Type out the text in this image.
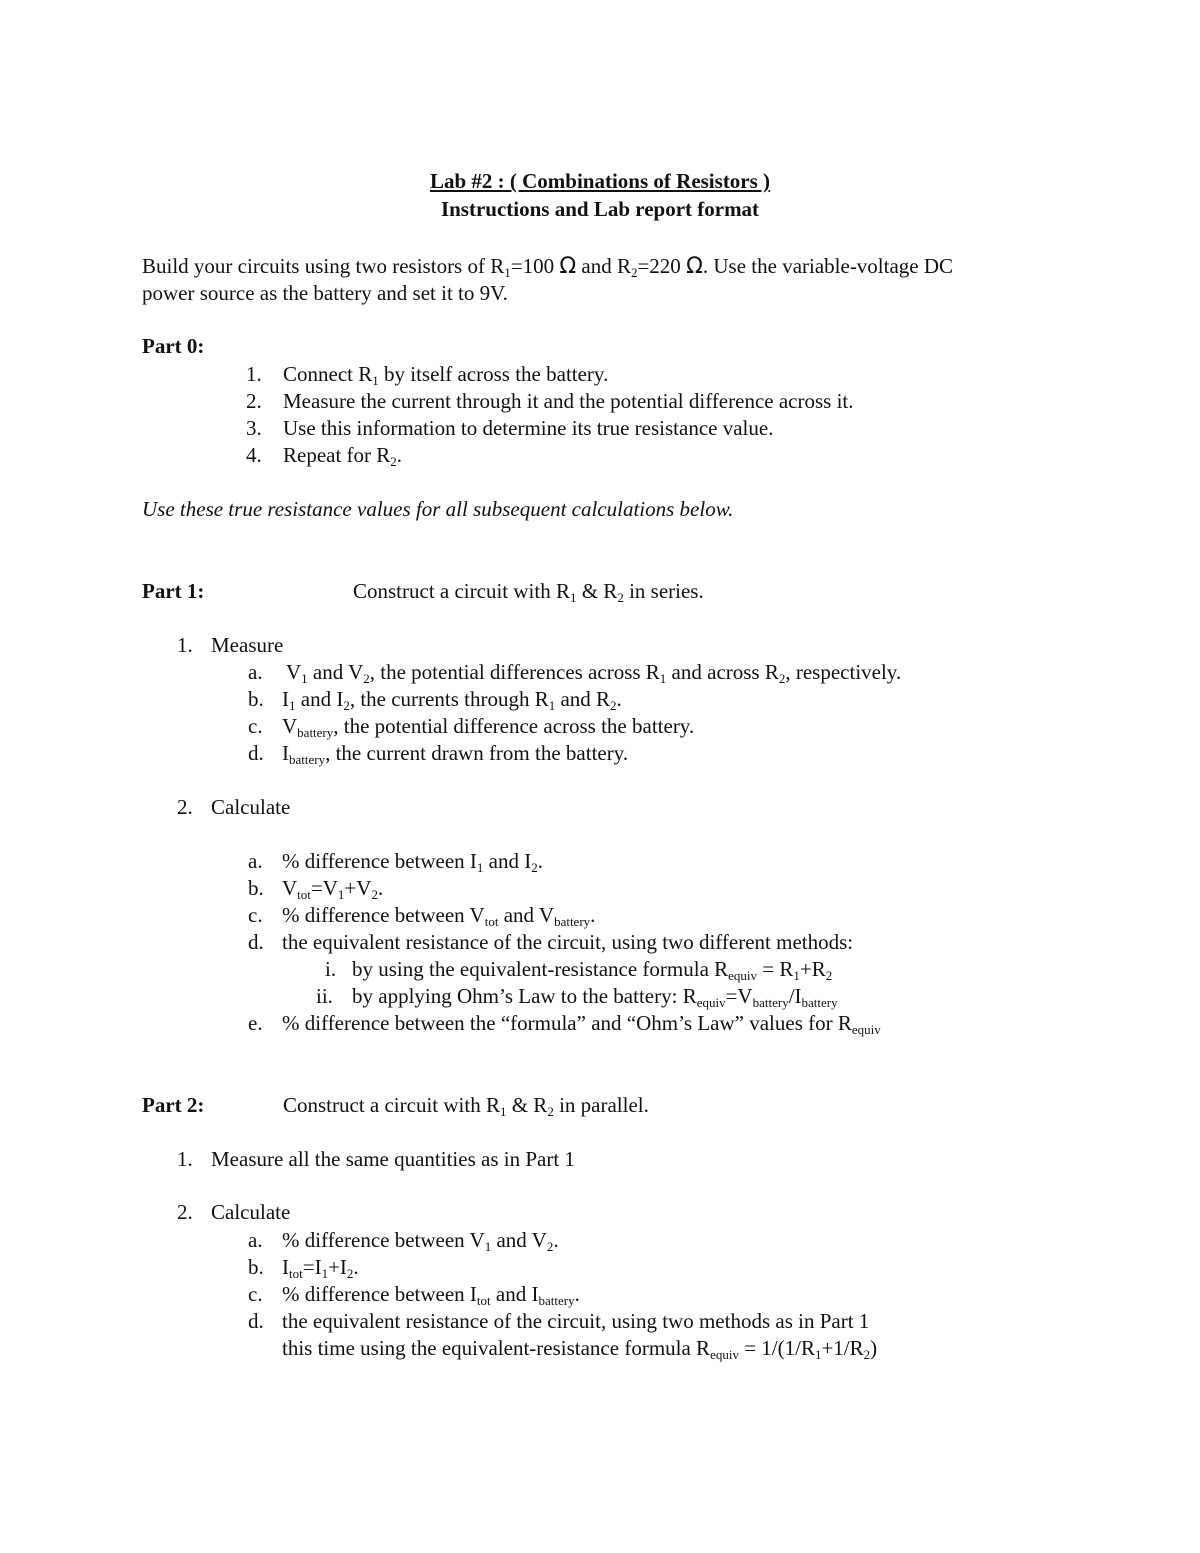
Lab #2 : ( Combinations of Resistors )
Instructions and Lab report format
Build your circuits using two resistors of $R_1=100$ Ω and $R_2=220$ Ω. Use the variable-voltage DC
power source as the battery and set it to 9V.
Part 0:
1. Connect $R_1$ by itself across the battery.
2. Measure the current through it and the potential difference across it.
3. Use this information to determine its true resistance value.
4. Repeat for $R_2$.
Use these true resistance values for all subsequent calculations below.
Part 1:	Construct a circuit with $R_1$ & $R_2$ in series.
1. Measure
a. $V_1$ and $V_2$, the potential differences across $R_1$ and across $R_2$, respectively.
b. $I_1$ and $I_2$, the currents through $R_1$ and $R_2$.
c. $V_{battery}$, the potential difference across the battery.
d. $I_{battery}$, the current drawn from the battery.
2. Calculate
a. % difference between $I_1$ and $I_2$.
b. $V_{tot}=V_1+V_2$.
c. % difference between $V_{tot}$ and $V_{battery}$.
d. the equivalent resistance of the circuit, using two different methods:
i. by using the equivalent-resistance formula $R_{equiv} = R_1+R_2$
ii. by applying Ohm’s Law to the battery: $R_{equiv}=V_{battery}/I_{battery}$
e. % difference between the “formula” and “Ohm’s Law” values for $R_{equiv}$
Part 2:	Construct a circuit with $R_1$ & $R_2$ in parallel.
1. Measure all the same quantities as in Part 1
2. Calculate
a. % difference between $V_1$ and $V_2$.
b. $I_{tot}=I_1+I_2$.
c. % difference between $I_{tot}$ and $I_{battery}$.
d. the equivalent resistance of the circuit, using two methods as in Part 1
this time using the equivalent-resistance formula $R_{equiv} = 1/(1/R_1+1/R_2)$
